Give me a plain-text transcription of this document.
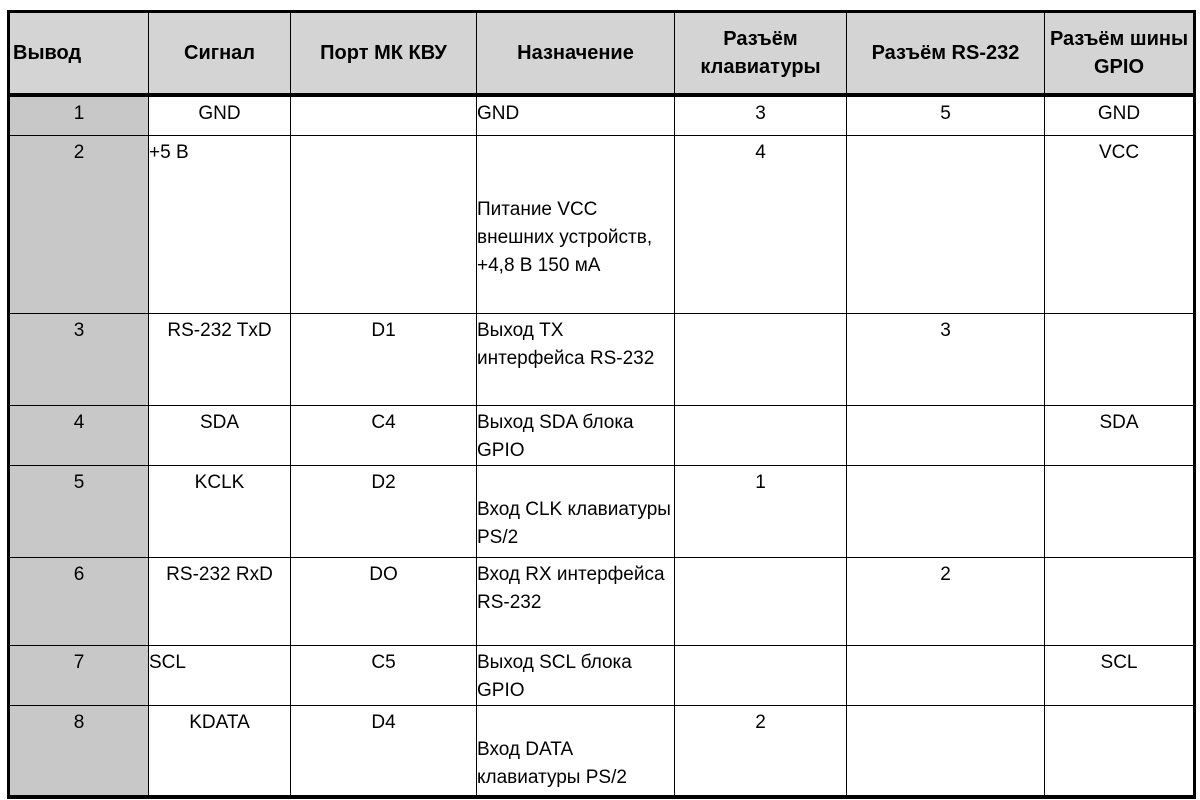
Вывод	Сигнал	Порт МК КВУ	Назначение	Разъём клавиатуры	Разъём RS-232	Разъём шины GPIO
1	GND		GND	3	5	GND
2	+5 В		Питание VCC внешних устройств, +4,8 В 150 мА	4		VCC
3	RS-232 TxD	D1	Выход TX интерфейса RS-232		3	
4	SDA	C4	Выход SDA блока GPIO			SDA
5	KCLK	D2	Вход CLK клавиатуры PS/2	1		
6	RS-232 RxD	DO	Вход RX интерфейса RS-232		2	
7	SCL	C5	Выход SCL блока GPIO			SCL
8	KDATA	D4	Вход DATA клавиатуры PS/2	2		
